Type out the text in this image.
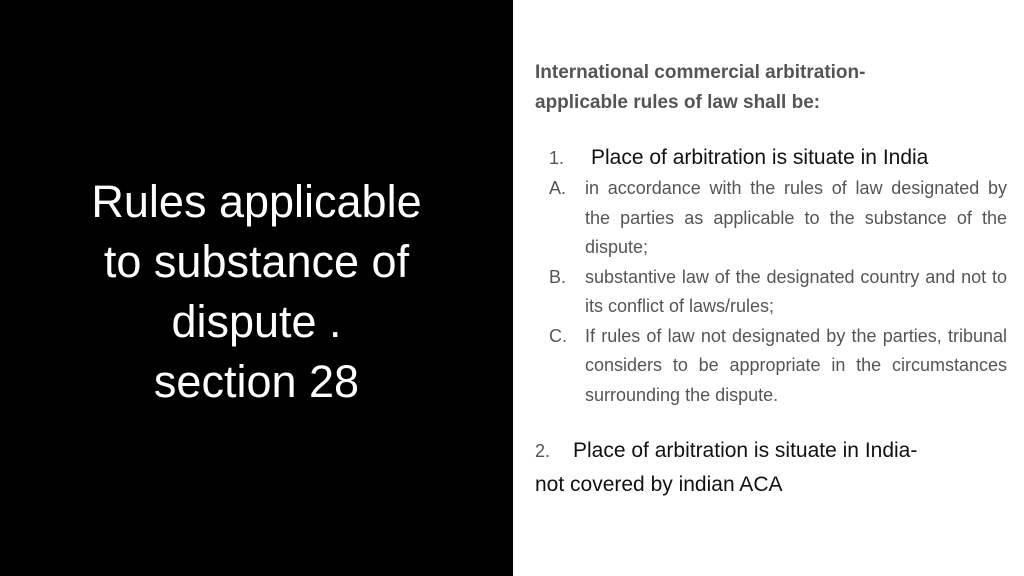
Rules applicable
to substance of
dispute .
section 28

International commercial arbitration-
applicable rules of law shall be:

1. Place of arbitration is situate in India
A.	in accordance with the rules of law designated by the parties as applicable to the substance of the dispute;
B.	substantive law of the designated country and not to its conflict of laws/rules;
C.	If rules of law not designated by the parties, tribunal considers to be appropriate in the circumstances surrounding the dispute.

2. Place of arbitration is situate in India-
not covered by indian ACA
